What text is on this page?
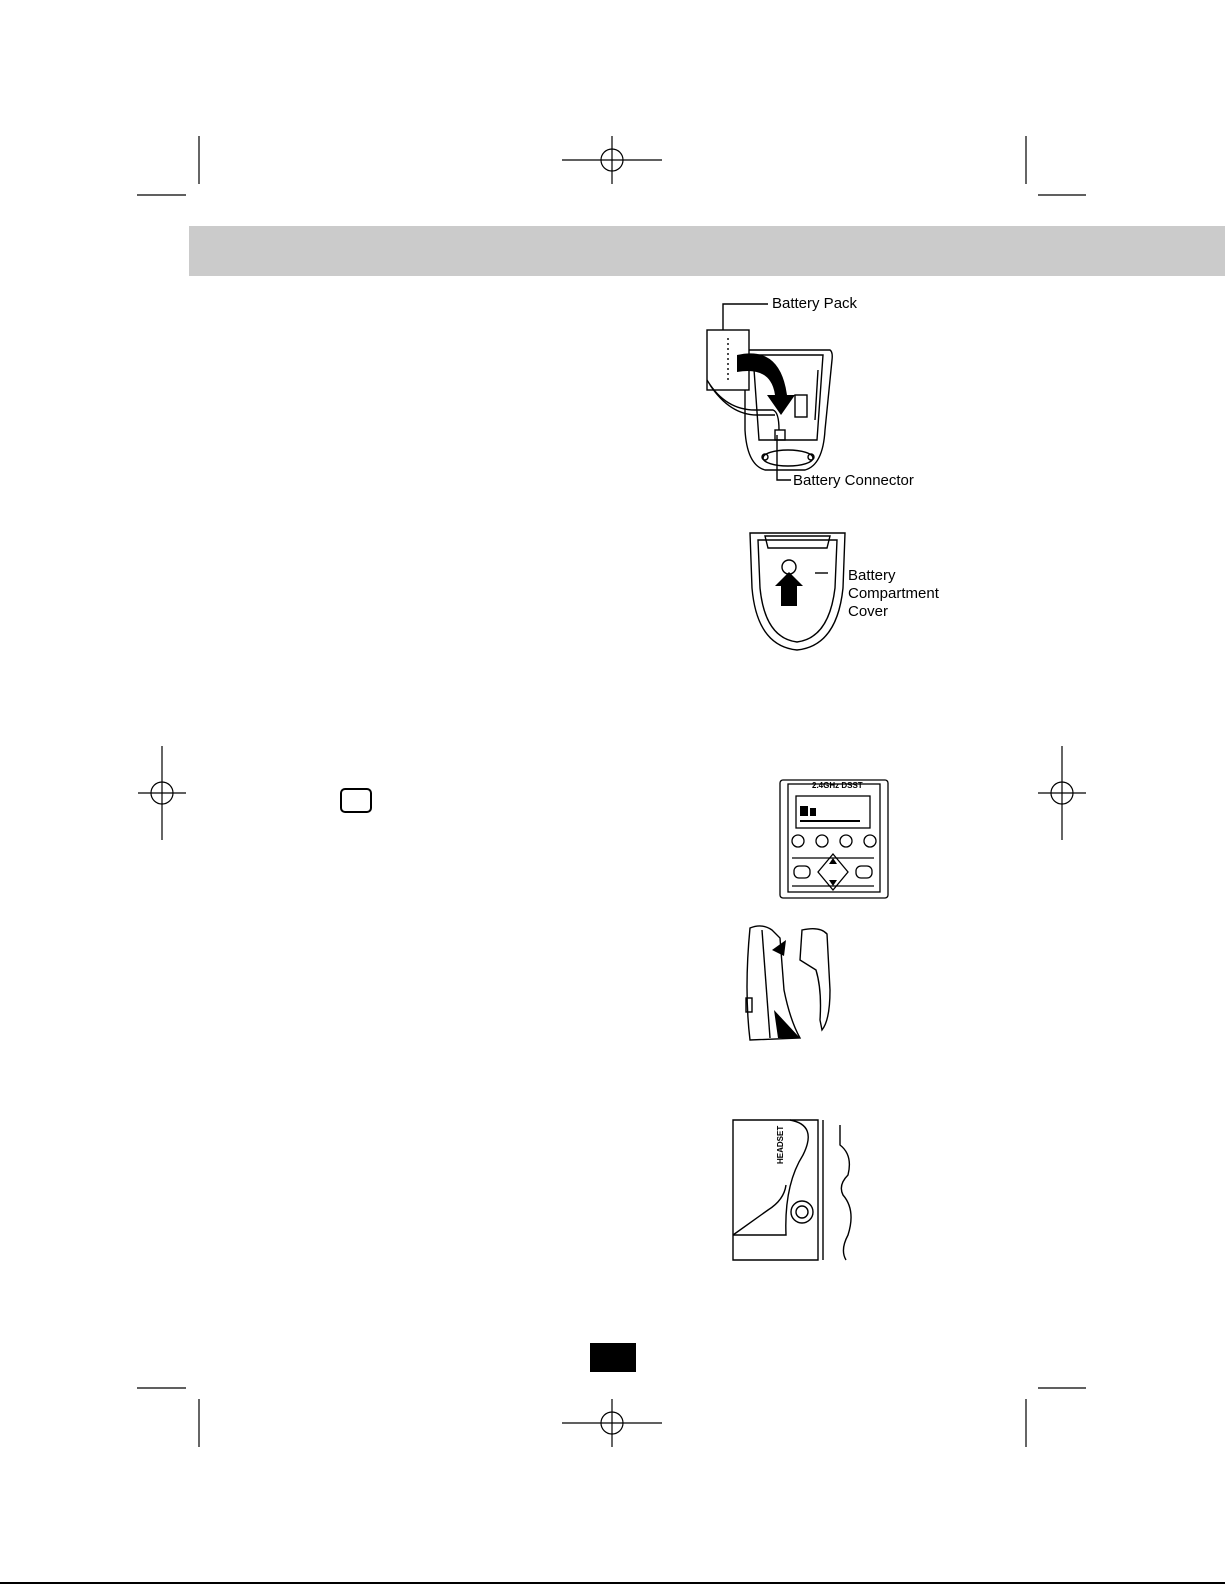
Battery Pack
Battery Connector
Battery
Compartment
Cover
2.4GHz DSST
HEADSET
